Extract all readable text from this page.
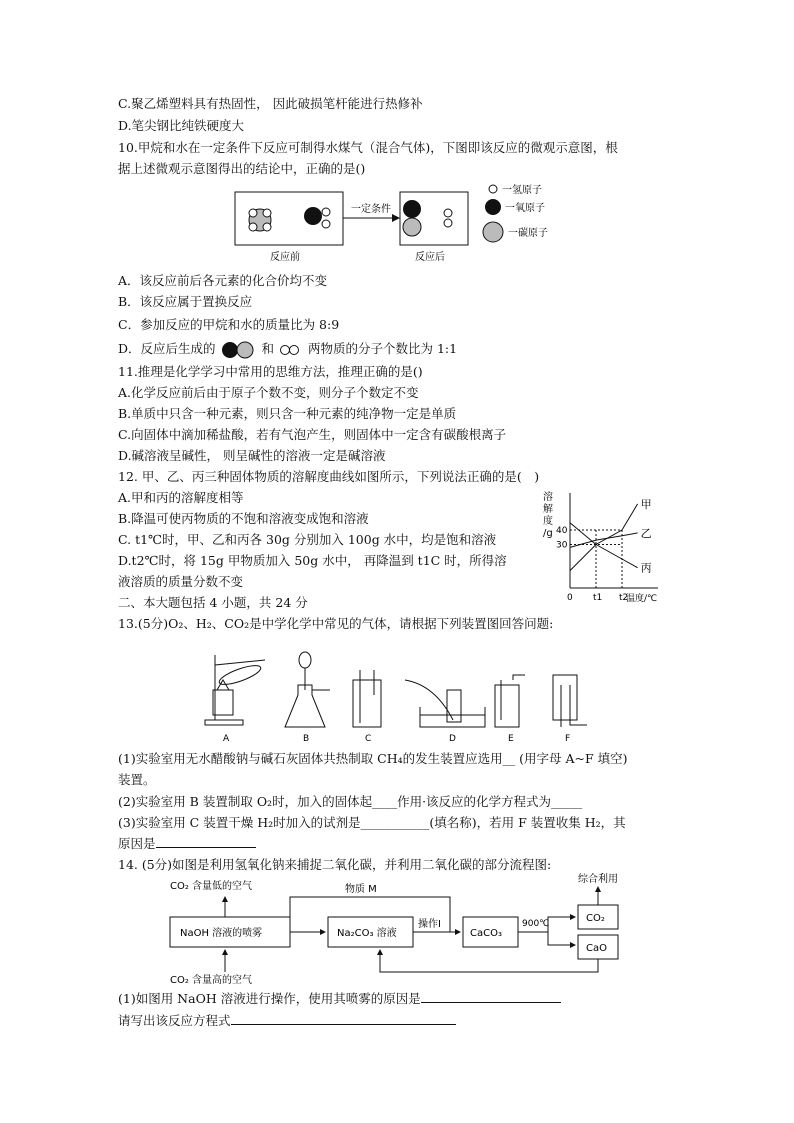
C.聚乙烯塑料具有热固性， 因此破损笔杆能进行热修补
D.笔尖钢比纯铁硬度大
10.甲烷和水在一定条件下反应可制得水煤气（混合气体)，下图即该反应的微观示意图，根
据上述微观示意图得出的结论中，正确的是()
一定条件
反应前	反应后
一氢原子
一氧原子
一碳原子
A．该反应前后各元素的化合价均不变
B．该反应属于置换反应
C．参加反应的甲烷和水的质量比为 8:9
D．反应后生成的	和	两物质的分子个数比为 1:1
11.推理是化学学习中常用的思维方法，推理正确的是()
A.化学反应前后由于原子个数不变，则分子个数定不变
B.单质中只含一种元素，则只含一种元素的纯净物一定是单质
C.向固体中滴加稀盐酸，若有气泡产生，则固体中一定含有碳酸根离子
D.碱溶液呈碱性， 则呈碱性的溶液一定是碱溶液
12. 甲、乙、丙三种固体物质的溶解度曲线如图所示，下列说法正确的是(　)
A.甲和丙的溶解度相等
B.降温可使丙物质的不饱和溶液变成饱和溶液
C. t1℃时，甲、乙和丙各 30g 分别加入 100g 水中，均是饱和溶液
D.t2℃时，将 15g 甲物质加入 50g 水中， 再降温到 t1C 时，所得溶
液溶质的质量分数不变
溶
解
度
/g
甲
乙
丙
30
40
0 t1 t2
温度/℃
二、本大题包括 4 小题，共 24 分
13.(5分)O₂、H₂、CO₂是中学化学中常见的气体，请根据下列装置图回答问题:
A	B	C	D	E	F
(1)实验室用无水醋酸钠与碱石灰固体共热制取 CH₄的发生装置应选用__ (用字母 A~F 填空)
装置。
(2)实验室用 B 装置制取 O₂时，加入的固体起____作用·该反应的化学方程式为_____
(3)实验室用 C 装置干燥 H₂时加入的试剂是___________(填名称)，若用 F 装置收集 H₂，其
原因是
14. (5分)如图是利用氢氧化钠来捕捉二氧化碳，并利用二氧化碳的部分流程图:
CO₂ 含量低的空气
NaOH 溶液的喷雾
CO₂ 含量高的空气
Na₂CO₃ 溶液
物质 M
操作Ⅰ
CaCO₃
900℃	CO₂
CaO
综合利用
(1)如图用 NaOH 溶液进行操作，使用其喷雾的原因是
请写出该反应方程式
